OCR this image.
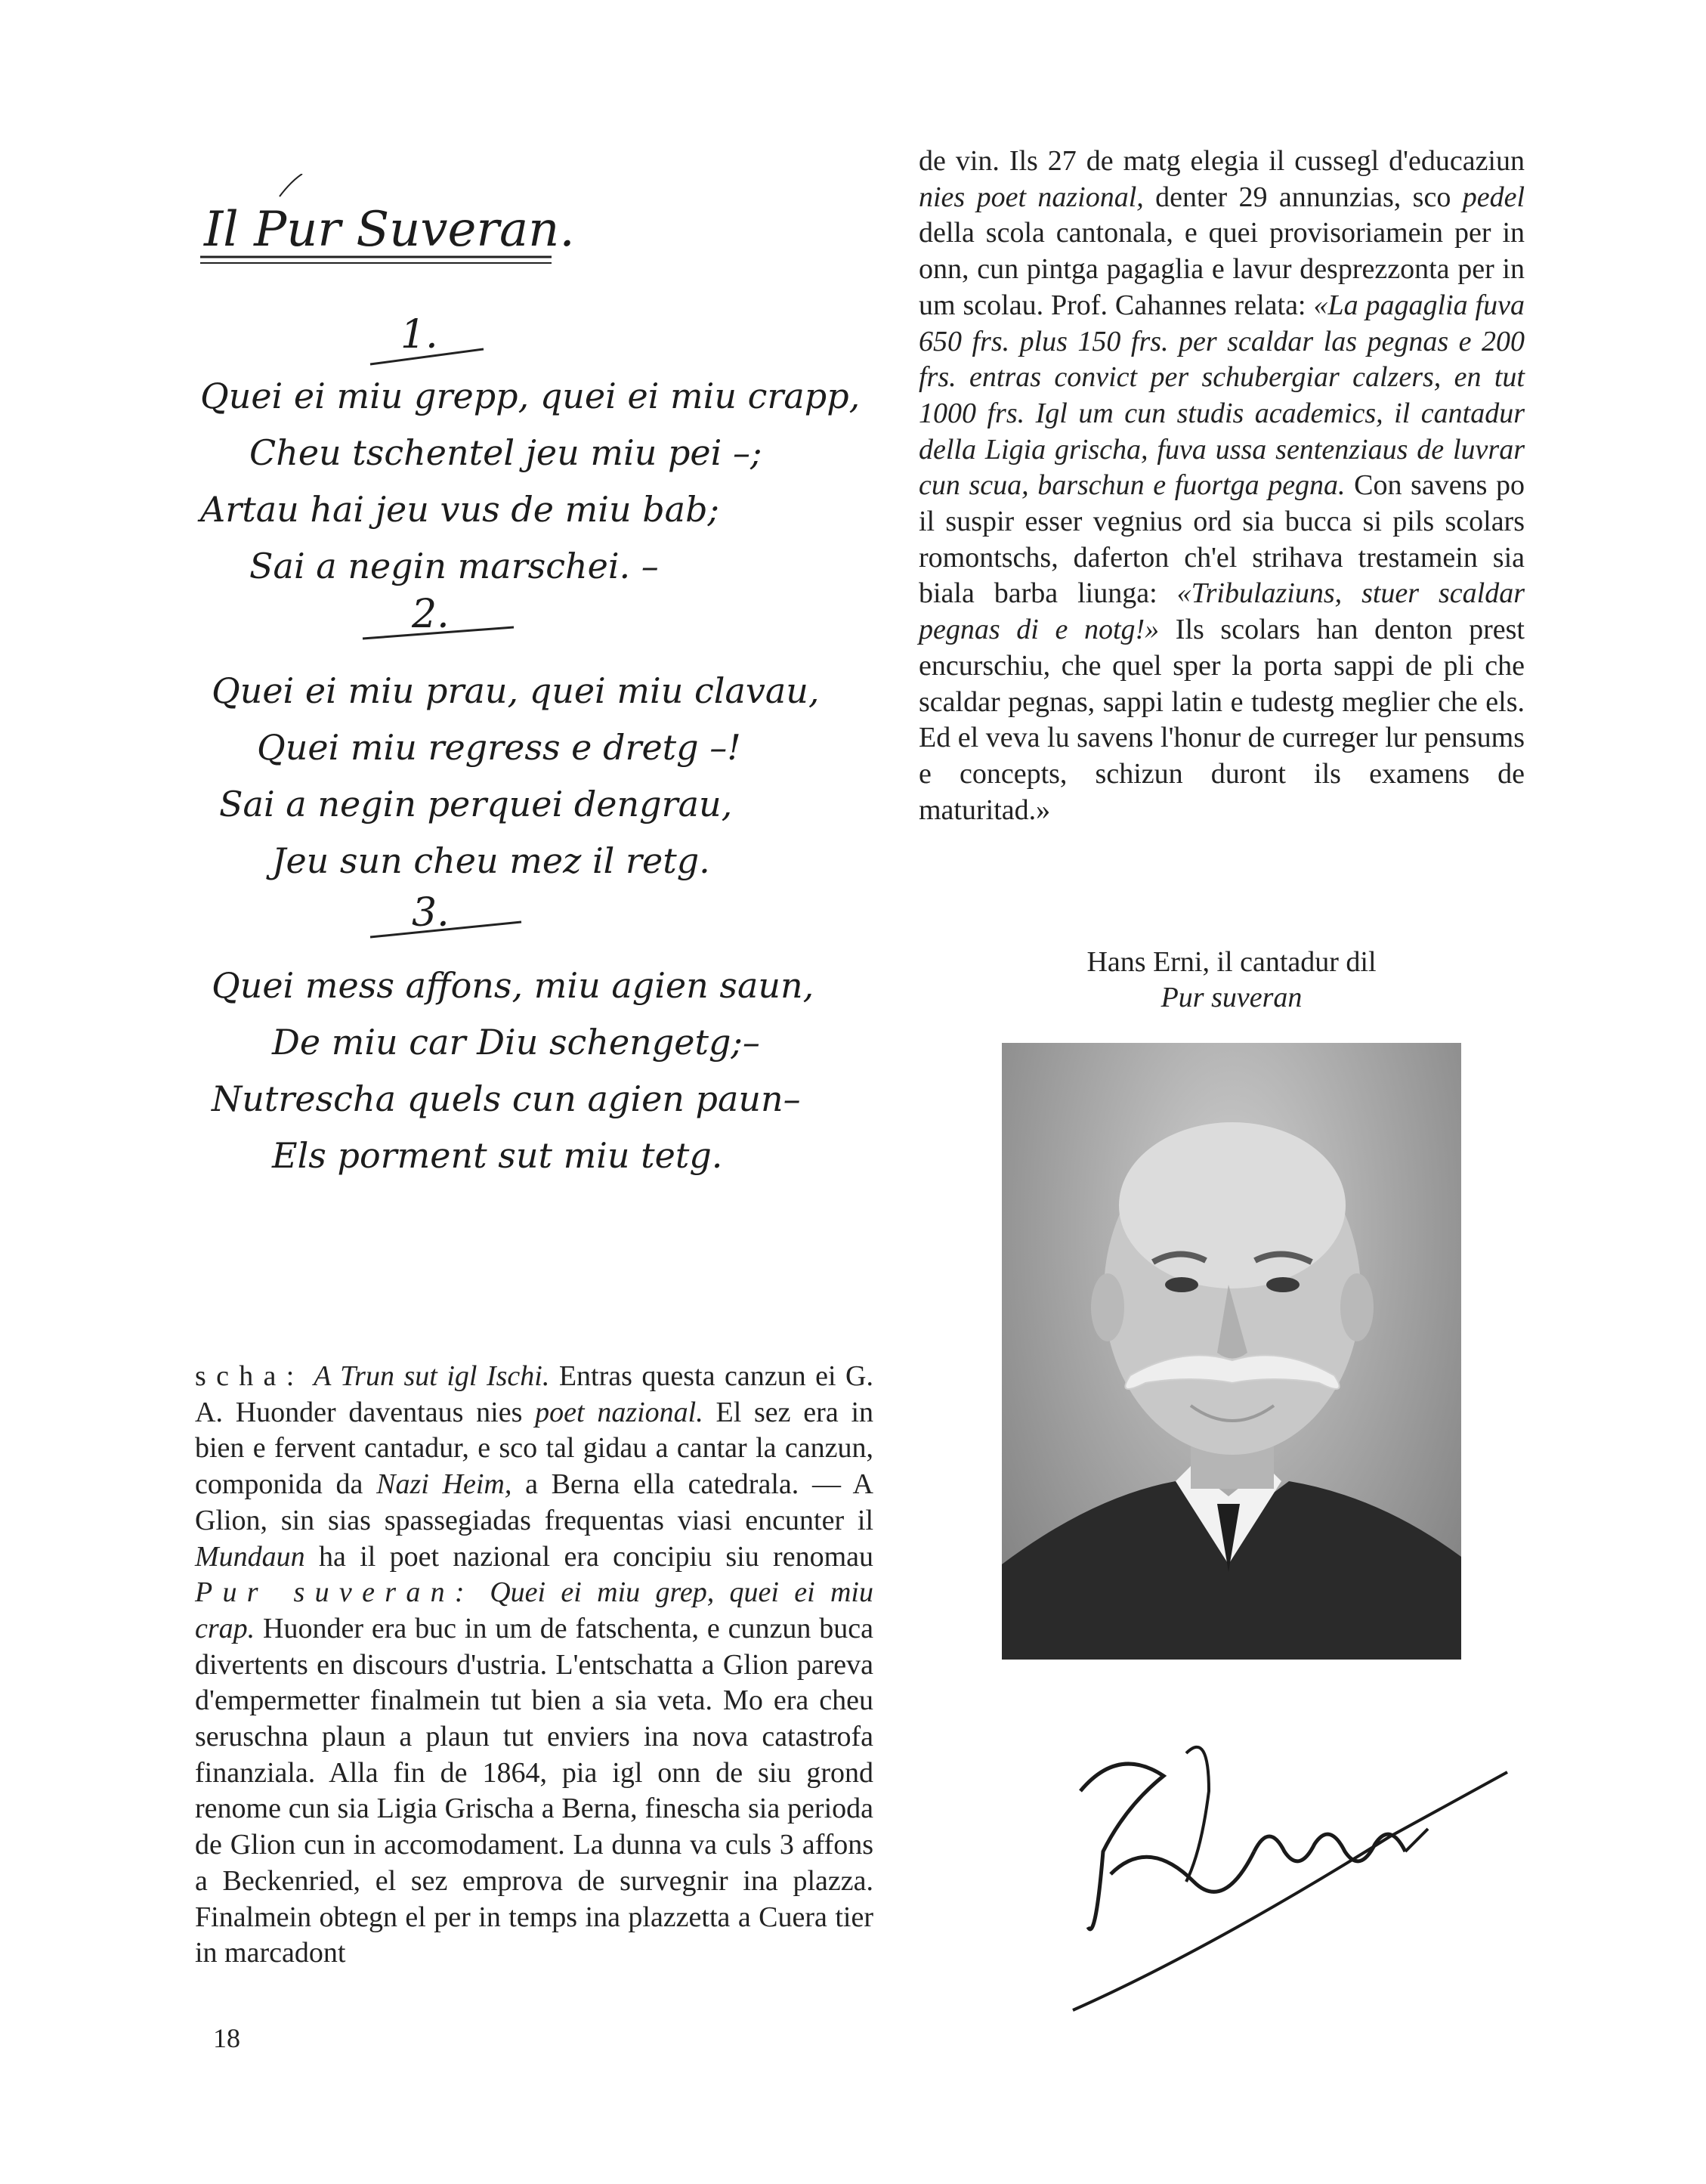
Il Pur Suveran.
1.
Quei ei miu grepp, quei ei miu crapp,
Cheu tschentel jeu miu pei –;
Artau hai jeu vus de miu bab;
Sai a negin marschei. –
2.
Quei ei miu prau, quei miu clavau,
Quei miu regress e dretg –!
Sai a negin perquei dengrau,
Jeu sun cheu mez il retg.
3.
Quei mess affons, miu agien saun,
De miu car Diu schengetg;–
Nutrescha quels cun agien paun–
Els porment sut miu tetg.

de vin. Ils 27 de matg elegia il cussegl d'educaziun nies poet nazional, denter 29 annunzias, sco pedel della scola cantonala, e quei provisoriamein per in onn, cun pintga pagaglia e lavur desprezzonta per in um scolau. Prof. Cahannes relata: «La pagaglia fuva 650 frs. plus 150 frs. per scaldar las pegnas e 200 frs. entras convict per schubergiar calzers, en tut 1000 frs. Igl um cun studis academics, il cantadur della Ligia grischa, fuva ussa sentenziaus de luvrar cun scua, barschun e fuortga pegna. Con savens po il suspir esser vegnius ord sia bucca si pils scolars romontschs, daferton ch'el strihava trestamein sia biala barba liunga: «Tribulaziuns, stuer scaldar pegnas di e notg!» Ils scolars han denton prest encurschiu, che quel sper la porta sappi de pli che scaldar pegnas, sappi latin e tudestg meglier che els. Ed el veva lu savens l'honur de curreger lur pensums e concepts, schizun duront ils examens de maturitad.»

Hans Erni, il cantadur dil
Pur suveran

scha: A Trun sut igl Ischi. Entras questa canzun ei G. A. Huonder daventaus nies poet nazional. El sez era in bien e fervent cantadur, e sco tal gidau a cantar la canzun, componida da Nazi Heim, a Berna ella catedrala. — A Glion, sin sias spassegiadas frequentas viasi encunter il Mundaun ha il poet nazional era concipiu siu renomau Pur suveran: Quei ei miu grep, quei ei miu crap. Huonder era buc in um de fatschenta, e cunzun buca divertents en discours d'ustria. L'entschatta a Glion pareva d'empermetter finalmein tut bien a sia veta. Mo era cheu seruschna plaun a plaun tut enviers ina nova catastrofa finanziala. Alla fin de 1864, pia igl onn de siu grond renome cun sia Ligia Grischa a Berna, finescha sia perioda de Glion cun in accomodament. La dunna va culs 3 affons a Beckenried, el sez emprova de survegnir ina plazza. Finalmein obtegn el per in temps ina plazzetta a Cuera tier in marcadont

18
